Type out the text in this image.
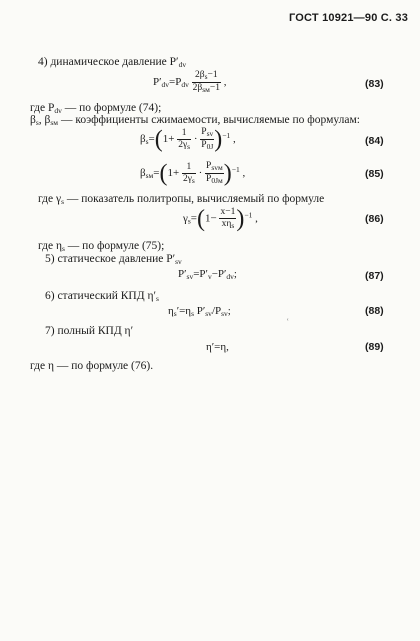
ГОСТ 10921—90 С. 33
4) динамическое давление $P'_{dv}$
$P'_{dv}=P_{dv} \frac{2\beta_s-1}{2\beta_{sм}-1}$ ,	(83)
где $P_{dv}$ — по формуле (74);
$\beta_s$, $\beta_{sм}$ — коэффициенты сжимаемости, вычисляемые по формулам:
$\beta_s=(1+ \frac{1}{2\gamma_s} \cdot \frac{P_{sv}}{P_{0J}} )^{-1}$ ,	(84)
$\beta_{sм}=(1+ \frac{1}{2\gamma_s} \cdot \frac{P_{svм}}{P_{0Jм}} )^{-1}$ ,	(85)
где $\gamma_s$ — показатель политропы, вычисляемый по формуле
$\gamma_s=(1- \frac{x-1}{x\eta_s} )^{-1}$ ,	(86)
где $\eta_s$ — по формуле (75);
5) статическое давление $P'_{sv}$
$P'_{sv}=P'_v-P'_{dv}$;	(87)
6) статический КПД $\eta'_s$
$\eta_s'=\eta_s$ $P'_{sv}/P_{sv}$;	(88)
7) полный КПД η′
ʿ
η′=η,	(89)
где η — по формуле (76).
